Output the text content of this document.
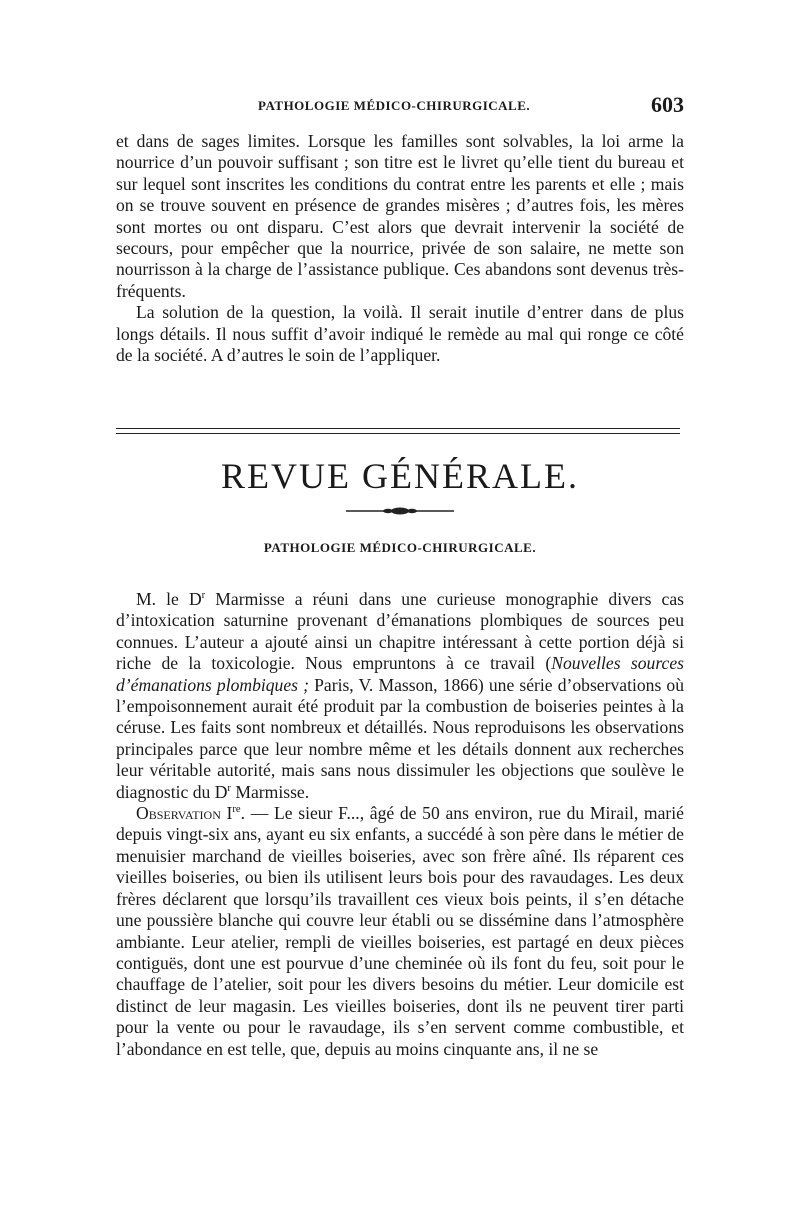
PATHOLOGIE MÉDICO-CHIRURGICALE.	603

et dans de sages limites. Lorsque les familles sont solvables, la loi arme la nourrice d’un pouvoir suffisant ; son titre est le livret qu’elle tient du bureau et sur lequel sont inscrites les conditions du contrat entre les parents et elle ; mais on se trouve souvent en présence de grandes misères ; d’autres fois, les mères sont mortes ou ont disparu. C’est alors que devrait intervenir la société de secours, pour empêcher que la nourrice, privée de son salaire, ne mette son nourrisson à la charge de l’assistance publique. Ces abandons sont devenus très-fréquents.

La solution de la question, la voilà. Il serait inutile d’entrer dans de plus longs détails. Il nous suffit d’avoir indiqué le remède au mal qui ronge ce côté de la société. A d’autres le soin de l’appliquer.

REVUE GÉNÉRALE.
PATHOLOGIE MÉDICO-CHIRURGICALE.

M. le $D^r$ Marmisse a réuni dans une curieuse monographie divers cas d’intoxication saturnine provenant d’émanations plombiques de sources peu connues. L’auteur a ajouté ainsi un chapitre intéressant à cette portion déjà si riche de la toxicologie. Nous empruntons à ce travail (Nouvelles sources d’émanations plombiques ; Paris, V. Masson, 1866) une série d’observations où l’empoisonnement aurait été produit par la combustion de boiseries peintes à la céruse. Les faits sont nombreux et détaillés. Nous reproduisons les observations principales parce que leur nombre même et les détails donnent aux recherches leur véritable autorité, mais sans nous dissimuler les objections que soulève le diagnostic du $D^r$ Marmisse.

Observation Ire. — Le sieur F..., âgé de 50 ans environ, rue du Mirail, marié depuis vingt-six ans, ayant eu six enfants, a succédé à son père dans le métier de menuisier marchand de vieilles boiseries, avec son frère aîné. Ils réparent ces vieilles boiseries, ou bien ils utilisent leurs bois pour des ravaudages. Les deux frères déclarent que lorsqu’ils travaillent ces vieux bois peints, il s’en détache une poussière blanche qui couvre leur établi ou se dissémine dans l’atmosphère ambiante. Leur atelier, rempli de vieilles boiseries, est partagé en deux pièces contiguës, dont une est pourvue d’une cheminée où ils font du feu, soit pour le chauffage de l’atelier, soit pour les divers besoins du métier. Leur domicile est distinct de leur magasin. Les vieilles boiseries, dont ils ne peuvent tirer parti pour la vente ou pour le ravaudage, ils s’en servent comme combustible, et l’abondance en est telle, que, depuis au moins cinquante ans, il ne se
